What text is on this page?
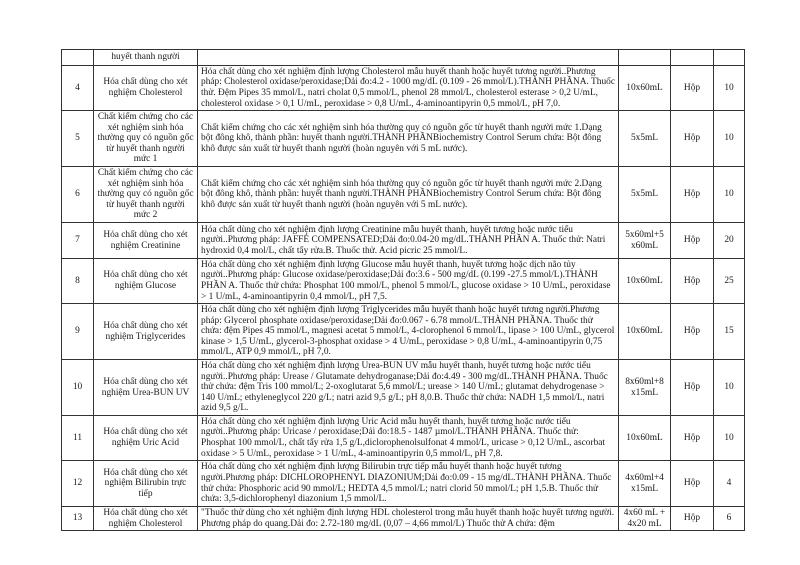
	huyết thanh người				
4	Hóa chất dùng cho xét nghiệm Cholesterol	Hóa chất dùng cho xét nghiệm định lượng Cholesterol mẫu huyết thanh hoặc huyết tương người..Phương pháp: Cholesterol oxidase/peroxidase;Dải đo:4.2 - 1000 mg/dL (0.109 - 26 mmol/L).THÀNH PHẦNA. Thuốc thử. Đệm Pipes 35 mmol/L, natri cholat 0,5 mmol/L, phenol 28 mmol/L, cholesterol esterase > 0,2 U/mL, cholesterol oxidase > 0,1 U/mL, peroxidase > 0,8 U/mL, 4-aminoantipyrin 0,5 mmol/L, pH 7,0.	10x60mL	Hộp	10
5	Chất kiểm chứng cho các xét nghiệm sinh hóa thường quy có nguồn gốc từ huyết thanh người mức 1	Chất kiểm chứng cho các xét nghiệm sinh hóa thường quy có nguồn gốc từ huyết thanh người mức 1.Dạng bột đông khô, thành phần: huyết thanh người.THÀNH PHẦNBiochemistry Control Serum chứa: Bột đông khô được sản xuất từ huyết thanh người (hoàn nguyên với 5 mL nước).	5x5mL	Hộp	10
6	Chất kiểm chứng cho các xét nghiệm sinh hóa thường quy có nguồn gốc từ huyết thanh người mức 2	Chất kiểm chứng cho các xét nghiệm sinh hóa thường quy có nguồn gốc từ huyết thanh người mức 2.Dạng bột đông khô, thành phần: huyết thanh người.THÀNH PHẦNBiochemistry Control Serum chứa: Bột đông khô được sản xuất từ huyết thanh người (hoàn nguyên với 5 mL nước).	5x5mL	Hộp	10
7	Hóa chất dùng cho xét nghiệm Creatinine	Hóa chất dùng cho xét nghiệm định lượng Creatinine mẫu huyết thanh, huyết tương hoặc nước tiểu người..Phương pháp: JAFFÉ COMPENSATED;Dải đo:0.04-20 mg/dL.THÀNH PHẦN A. Thuốc thử: Natri hydroxid 0,4 mol/L, chất tẩy rửa.B. Thuốc thử. Acid picric 25 mmol/L.	5x60ml+5 x60mL	Hộp	20
8	Hóa chất dùng cho xét nghiệm Glucose	Hóa chất dùng cho xét nghiệm định lượng Glucose mẫu huyết thanh, huyết tương hoặc dịch não tủy người..Phương pháp: Glucose oxidase/peroxidase;Dải đo:3.6 - 500 mg/dL (0.199 -27.5 mmol/L).THÀNH PHẦN A. Thuốc thử chứa: Phosphat 100 mmol/L, phenol 5 mmol/L, glucose oxidase > 10 U/mL, peroxidase > 1 U/mL, 4-aminoantipyrin 0,4 mmol/L, pH 7,5.	10x60mL	Hộp	25
9	Hóa chất dùng cho xét nghiệm Triglycerides	Hóa chất dùng cho xét nghiệm định lượng Triglycerides mẫu huyết thanh hoặc huyết tương người.Phương pháp: Glycerol phosphate oxidase/peroxidase;Dải đo:0.067 - 6.78 mmol/L.THÀNH PHẦNA. Thuốc thử chứa: đệm Pipes 45 mmol/L, magnesi acetat 5 mmol/L, 4-clorophenol 6 mmol/L, lipase > 100 U/mL, glycerol kinase > 1,5 U/mL, glycerol-3-phosphat oxidase > 4 U/mL, peroxidase > 0,8 U/mL, 4-aminoantipyrin 0,75 mmol/L, ATP 0,9 mmol/L, pH 7,0.	10x60mL	Hộp	15
10	Hóa chất dùng cho xét nghiệm Urea-BUN UV	Hóa chất dùng cho xét nghiệm định lượng Urea-BUN UV mẫu huyết thanh, huyết tương hoặc nước tiểu người..Phương pháp: Urease / Glutamate dehydroganase;Dải đo:4.49 - 300 mg/dL.THÀNH PHẦNA. Thuốc thử chứa: đệm Tris 100 mmol/L; 2-oxoglutarat 5,6 mmol/L; urease > 140 U/mL; glutamat dehydrogenase > 140 U/mL; ethyleneglycol 220 g/L; natri azid 9,5 g/L; pH 8,0.B. Thuốc thử chứa: NADH 1,5 mmol/L, natri azid 9,5 g/L.	8x60ml+8 x15mL	Hộp	10
11	Hóa chất dùng cho xét nghiệm Uric Acid	Hóa chất dùng cho xét nghiệm định lượng Uric Acid mẫu huyết thanh, huyết tương hoặc nước tiểu người..Phương pháp: Uricase / peroxidase;Dải đo:18.5 - 1487 µmol/L.THÀNH PHẦNA. Thuốc thử: Phosphat 100 mmol/L, chất tẩy rửa 1,5 g/L,diclorophenolsulfonat 4 mmol/L, uricase > 0,12 U/mL, ascorbat oxidase > 5 U/mL, peroxidase > 1 U/mL, 4-aminoantipyrin 0,5 mmol/L, pH 7,8.	10x60mL	Hộp	10
12	Hóa chất dùng cho xét nghiệm Bilirubin trực tiếp	Hóa chất dùng cho xét nghiệm định lượng Bilirubin trực tiếp mẫu huyết thanh hoặc huyết tương người.Phương pháp: DICHLOROPHENYL DIAZONIUM;Dải đo:0.09 - 15 mg/dL.THÀNH PHẦNA. Thuốc thử chứa: Phosphoric acid 90 mmol/L; HEDTA 4,5 mmol/L; natri clorid 50 mmol/L; pH 1,5.B. Thuốc thử chứa: 3,5-dichlorophenyl diazonium 1,5 mmol/L.	4x60ml+4 x15mL	Hộp	4
13	Hóa chất dùng cho xét nghiệm Cholesterol	"Thuốc thử dùng cho xét nghiệm định lượng HDL cholesterol trong mẫu huyết thanh hoặc huyết tương người. Phương pháp do quang.Dải đo: 2.72-180 mg/dL (0,07 – 4,66 mmol/L) Thuốc thử A chứa: đệm	4x60 mL + 4x20 mL	Hộp	6
